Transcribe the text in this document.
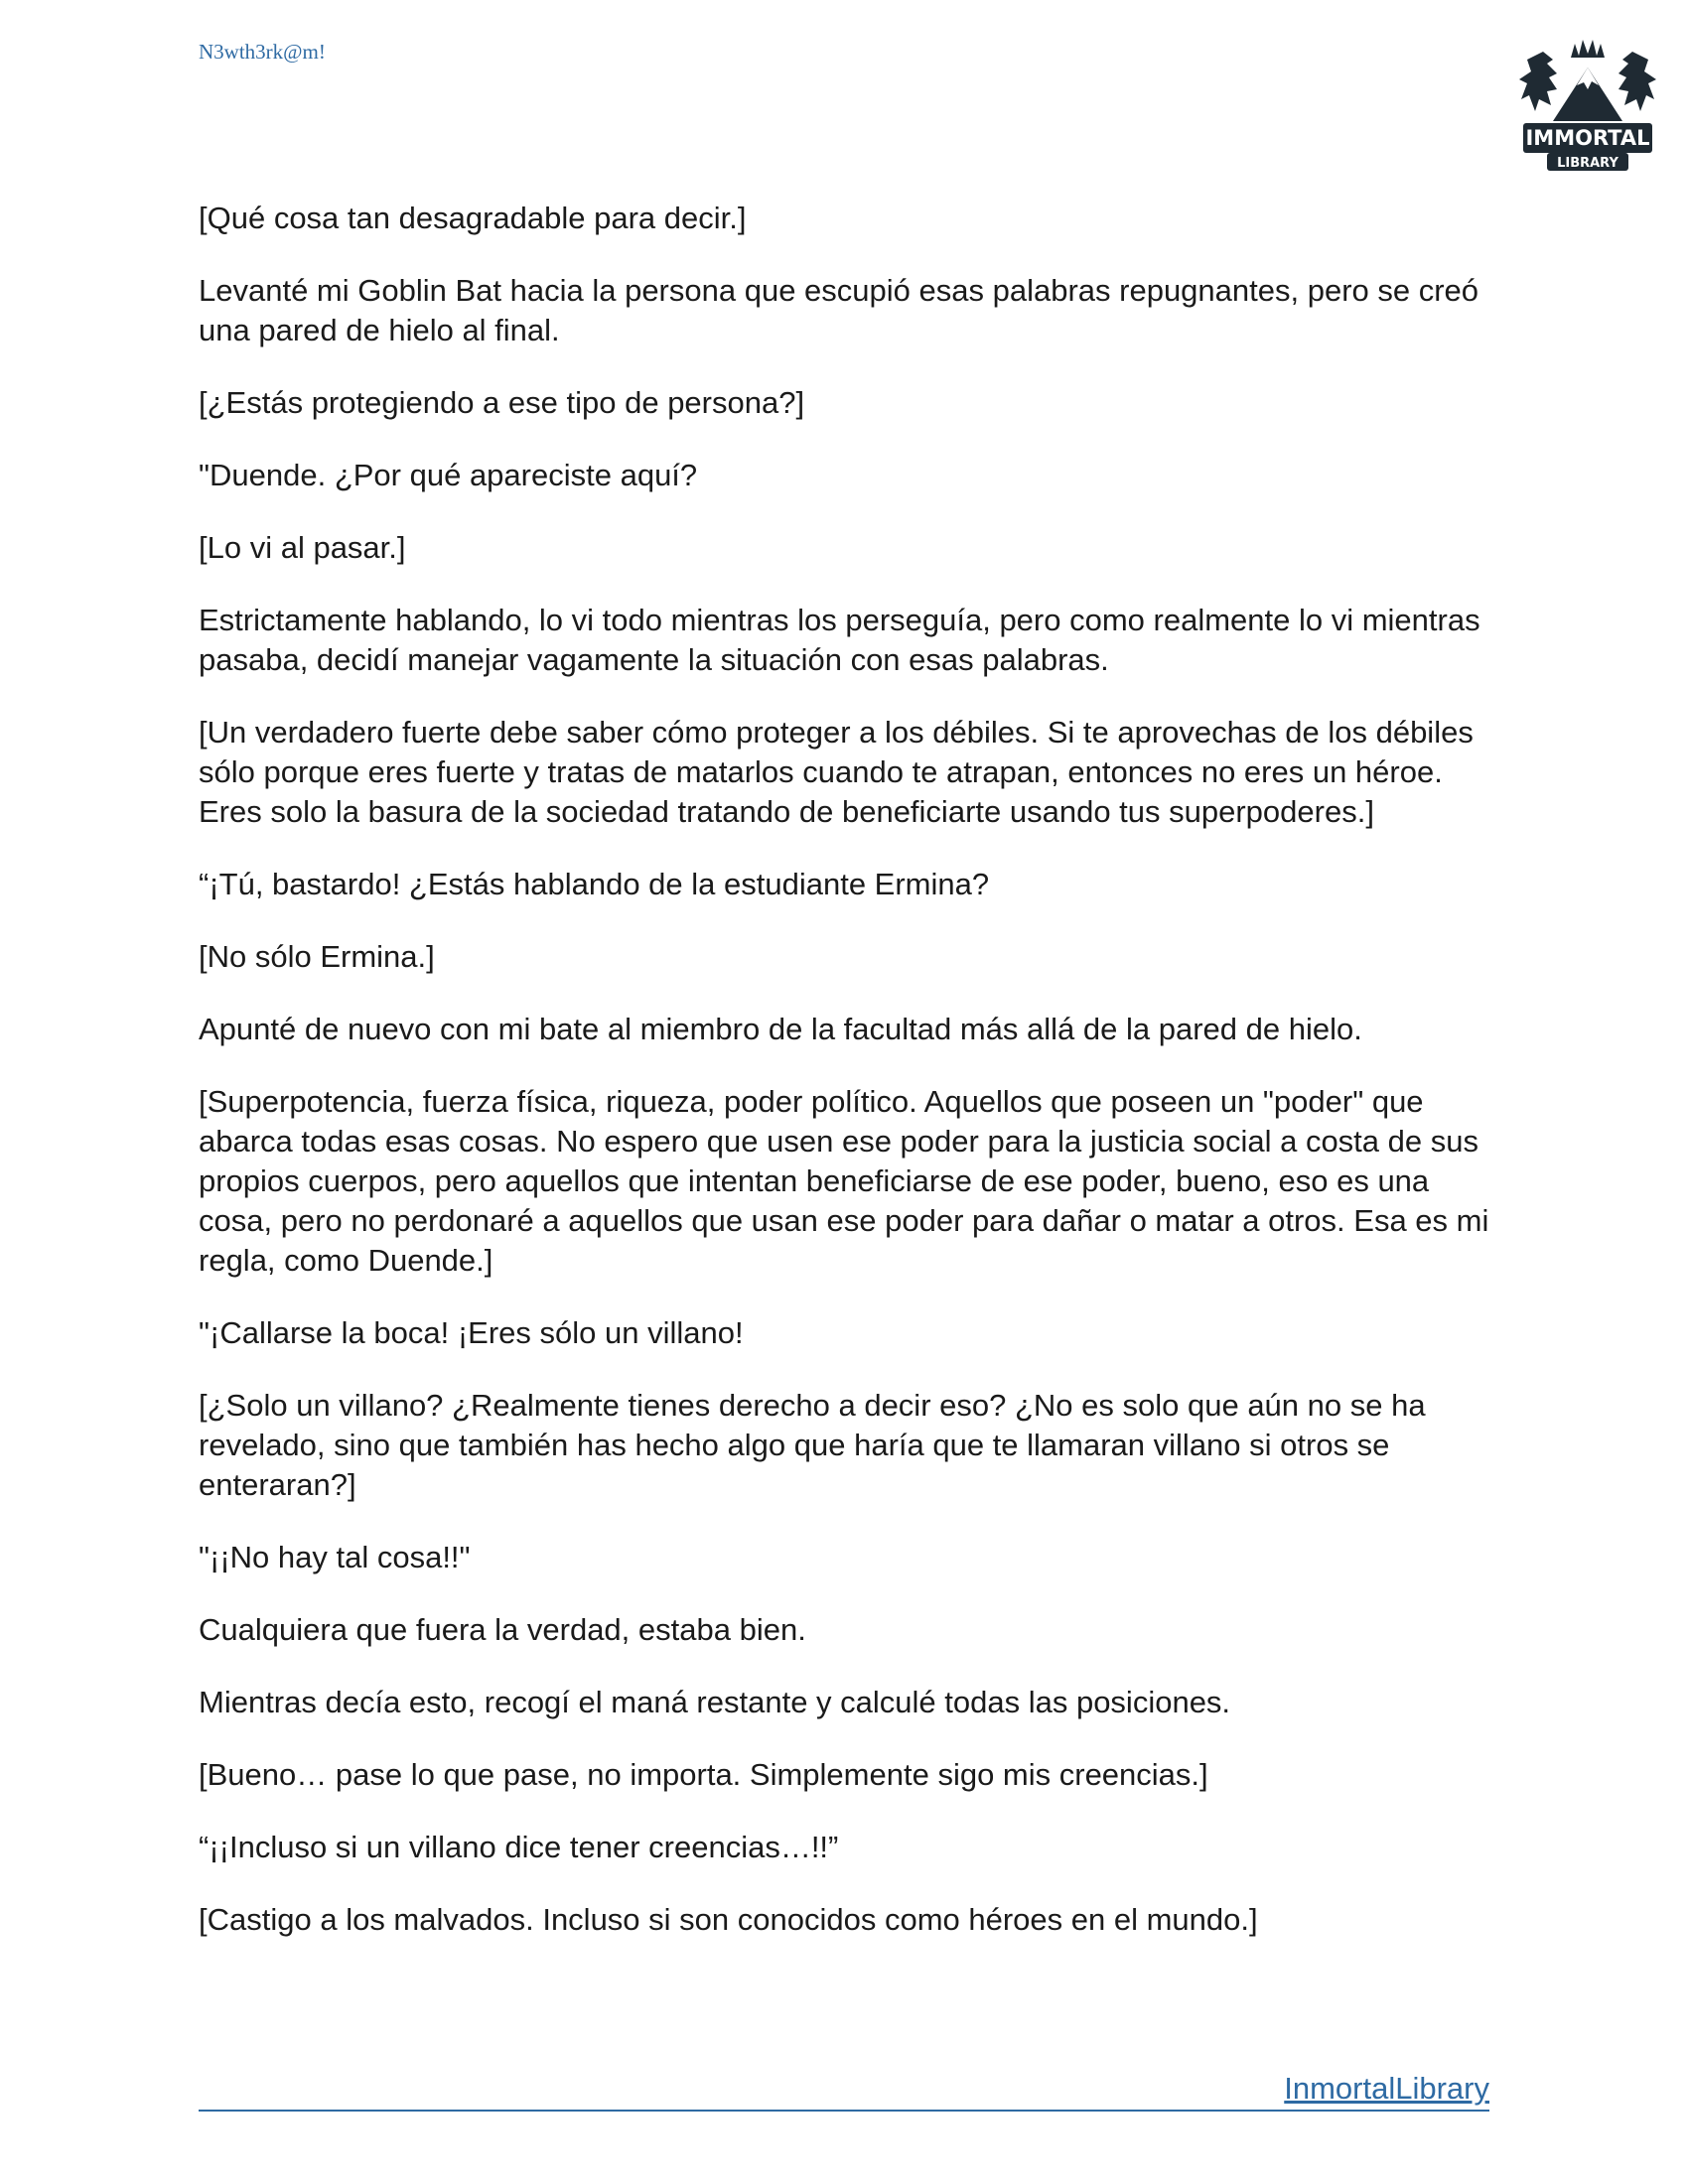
N3wth3rk@m!
IMMORTAL
LIBRARY

[Qué cosa tan desagradable para decir.]

Levanté mi Goblin Bat hacia la persona que escupió esas palabras repugnantes, pero se creó una pared de hielo al final.

[¿Estás protegiendo a ese tipo de persona?]

"Duende. ¿Por qué apareciste aquí?

[Lo vi al pasar.]

Estrictamente hablando, lo vi todo mientras los perseguía, pero como realmente lo vi mientras pasaba, decidí manejar vagamente la situación con esas palabras.

[Un verdadero fuerte debe saber cómo proteger a los débiles. Si te aprovechas de los débiles sólo porque eres fuerte y tratas de matarlos cuando te atrapan, entonces no eres un héroe. Eres solo la basura de la sociedad tratando de beneficiarte usando tus superpoderes.]

“¡Tú, bastardo! ¿Estás hablando de la estudiante Ermina?

[No sólo Ermina.]

Apunté de nuevo con mi bate al miembro de la facultad más allá de la pared de hielo.

[Superpotencia, fuerza física, riqueza, poder político. Aquellos que poseen un "poder" que abarca todas esas cosas. No espero que usen ese poder para la justicia social a costa de sus propios cuerpos, pero aquellos que intentan beneficiarse de ese poder, bueno, eso es una cosa, pero no perdonaré a aquellos que usan ese poder para dañar o matar a otros. Esa es mi regla, como Duende.]

"¡Callarse la boca! ¡Eres sólo un villano!

[¿Solo un villano? ¿Realmente tienes derecho a decir eso? ¿No es solo que aún no se ha revelado, sino que también has hecho algo que haría que te llamaran villano si otros se enteraran?]

"¡¡No hay tal cosa!!"

Cualquiera que fuera la verdad, estaba bien.

Mientras decía esto, recogí el maná restante y calculé todas las posiciones.

[Bueno… pase lo que pase, no importa. Simplemente sigo mis creencias.]

“¡¡Incluso si un villano dice tener creencias…!!”

[Castigo a los malvados. Incluso si son conocidos como héroes en el mundo.]

InmortalLibrary
